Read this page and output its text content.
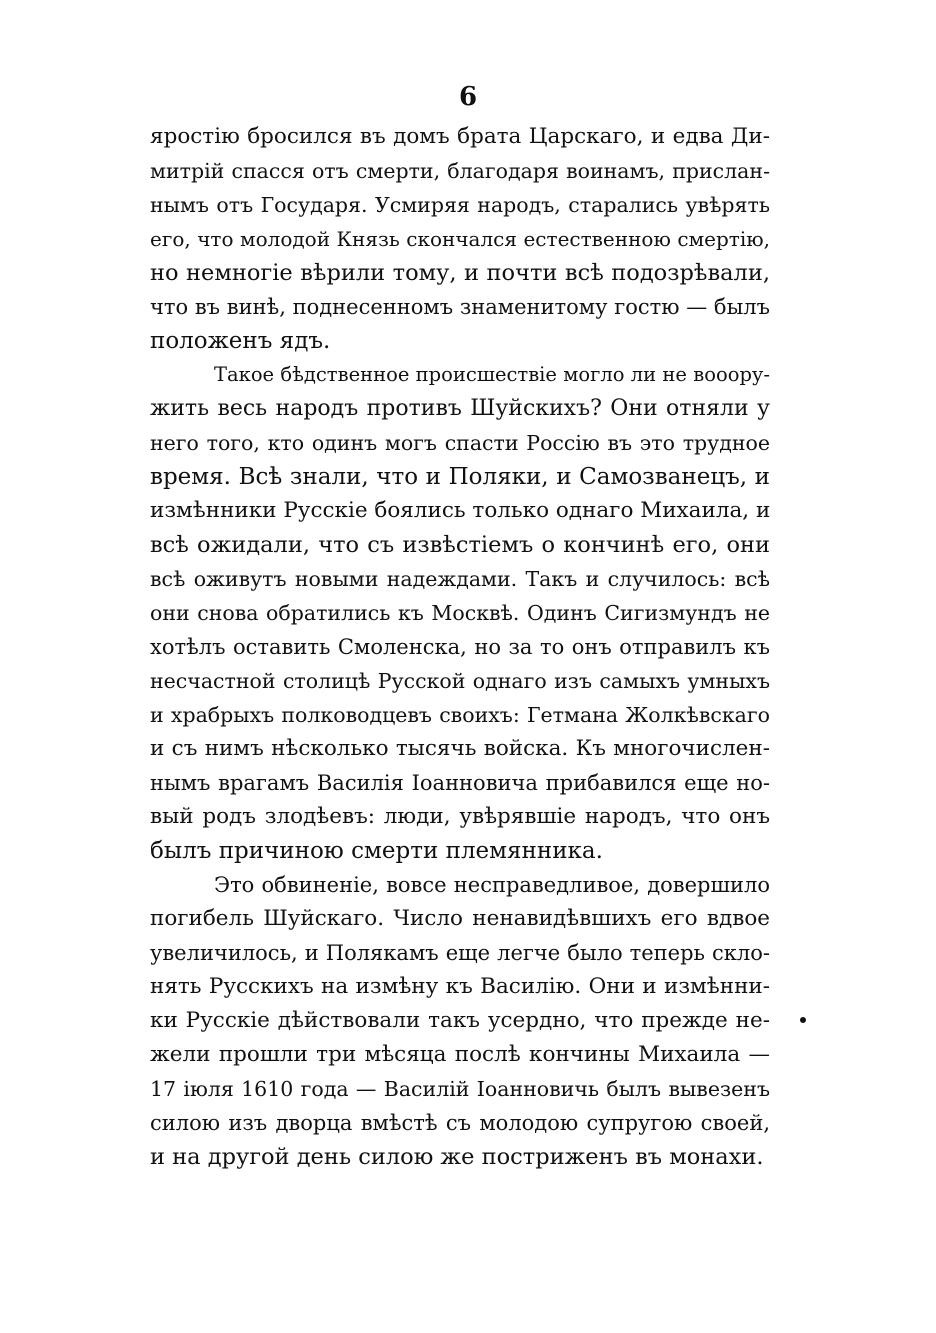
6
яростію бросился въ домъ брата Царскаго, и едва Ди-
митрій спасся отъ смерти, благодаря воинамъ, прислан-
нымъ отъ Государя. Усмиряя народъ, старались увѣрять
его, что молодой Князь скончался естественною смертію,
но немногіе вѣрили тому, и почти всѣ подозрѣвали,
что въ винѣ, поднесенномъ знаменитому гостю — былъ
положенъ ядъ.
Такое бѣдственное происшествіе могло ли не вооору-
жить весь народъ противъ Шуйскихъ? Они отняли у
него того, кто одинъ могъ спасти Россію въ это трудное
время. Всѣ знали, что и Поляки, и Самозванецъ, и
измѣнники Русскіе боялись только однаго Михаила, и
всѣ ожидали, что съ извѣстіемъ о кончинѣ его, они
всѣ оживутъ новыми надеждами. Такъ и случилось: всѣ
они снова обратились къ Москвѣ. Одинъ Сигизмундъ не
хотѣлъ оставить Смоленска, но за то онъ отправилъ къ
несчастной столицѣ Русской однаго изъ самыхъ умныхъ
и храбрыхъ полководцевъ своихъ: Гетмана Жолкѣвскаго
и съ нимъ нѣсколько тысячь войска. Къ многочислен-
нымъ врагамъ Василія Іоанновича прибавился еще но-
вый родъ злодѣевъ: люди, увѣрявшіе народъ, что онъ
былъ причиною смерти племянника.
Это обвиненіе, вовсе несправедливое, довершило
погибель Шуйскаго. Число ненавидѣвшихъ его вдвое
увеличилось, и Полякамъ еще легче было теперь скло-
нять Русскихъ на измѣну къ Василію. Они и измѣнни-
ки Русскіе дѣйствовали такъ усердно, что прежде не-
жели прошли три мѣсяца послѣ кончины Михаила —
17 іюля 1610 года — Василій Іоанновичь былъ вывезенъ
силою изъ дворца вмѣстѣ съ молодою супругою своей,
и на другой день силою же постриженъ въ монахи.
